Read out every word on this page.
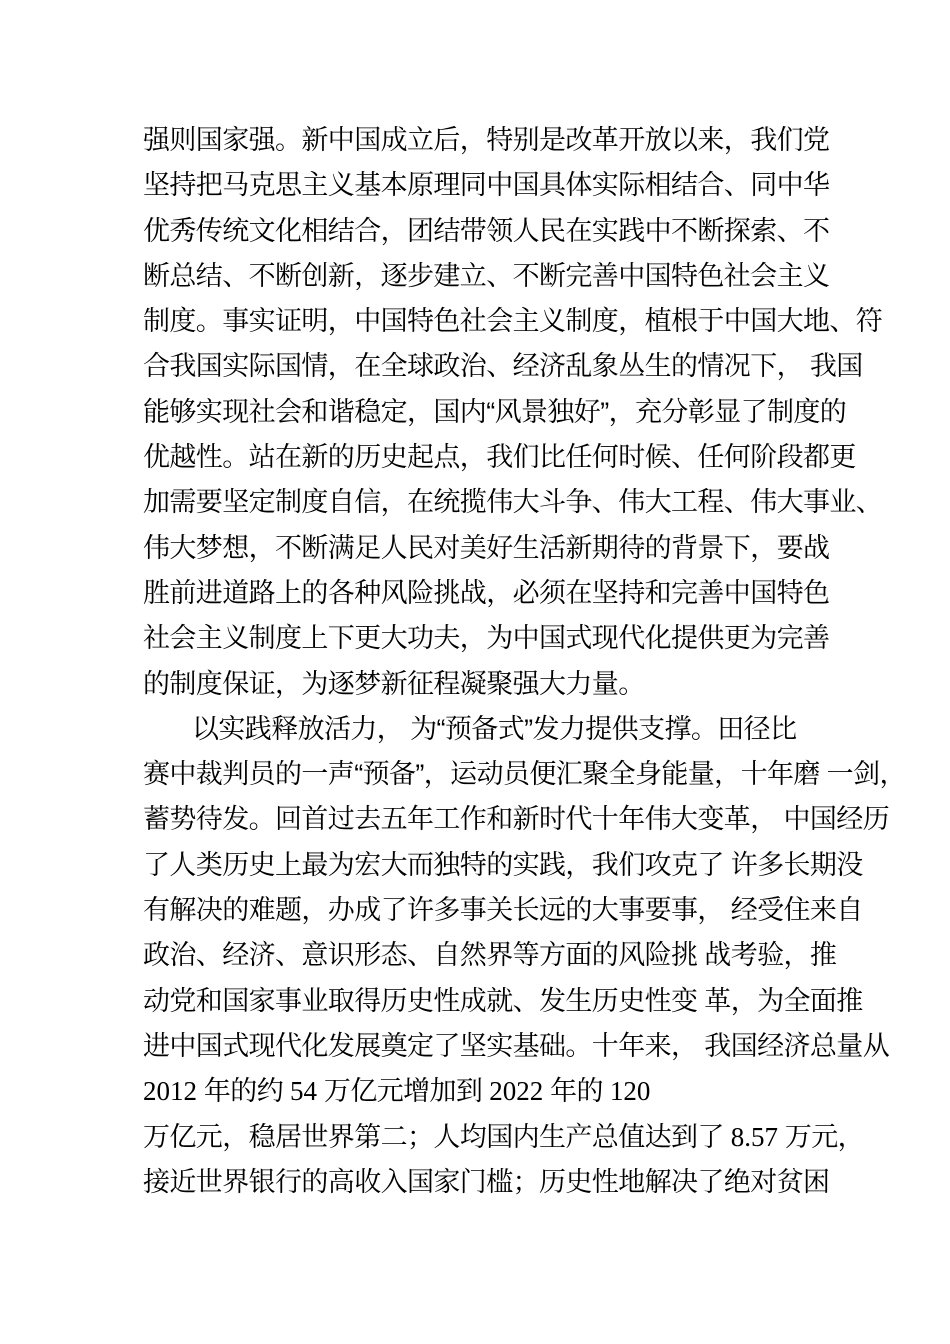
强则国家强。新中国成立后，特别是改革开放以来，我们党
坚持把马克思主义基本原理同中国具体实际相结合、同中华
优秀传统文化相结合，团结带领人民在实践中不断探索、不
断总结、不断创新，逐步建立、不断完善中国特色社会主义
制度。事实证明，中国特色社会主义制度，植根于中国大地、符
合我国实际国情，在全球政治、经济乱象丛生的情况下， 我国
能够实现社会和谐稳定，国内“风景独好”，充分彰显了制度的
优越性。站在新的历史起点，我们比任何时候、任何阶段都更
加需要坚定制度自信，在统揽伟大斗争、伟大工程、伟大事业、
伟大梦想，不断满足人民对美好生活新期待的背景下，要战
胜前进道路上的各种风险挑战，必须在坚持和完善中国特色
社会主义制度上下更大功夫，为中国式现代化提供更为完善
的制度保证，为逐梦新征程凝聚强大力量。
以实践释放活力， 为“预备式”发力提供支撑。田径比
赛中裁判员的一声“预备”，运动员便汇聚全身能量，十年磨 一剑，
蓄势待发。回首过去五年工作和新时代十年伟大变革， 中国经历
了人类历史上最为宏大而独特的实践，我们攻克了 许多长期没
有解决的难题，办成了许多事关长远的大事要事， 经受住来自
政治、经济、意识形态、自然界等方面的风险挑 战考验，推
动党和国家事业取得历史性成就、发生历史性变 革，为全面推
进中国式现代化发展奠定了坚实基础。十年来， 我国经济总量从
2012 年的约 54 万亿元增加到 2022 年的 120
万亿元，稳居世界第二；人均国内生产总值达到了 8.57 万元，
接近世界银行的高收入国家门槛；历史性地解决了绝对贫困
